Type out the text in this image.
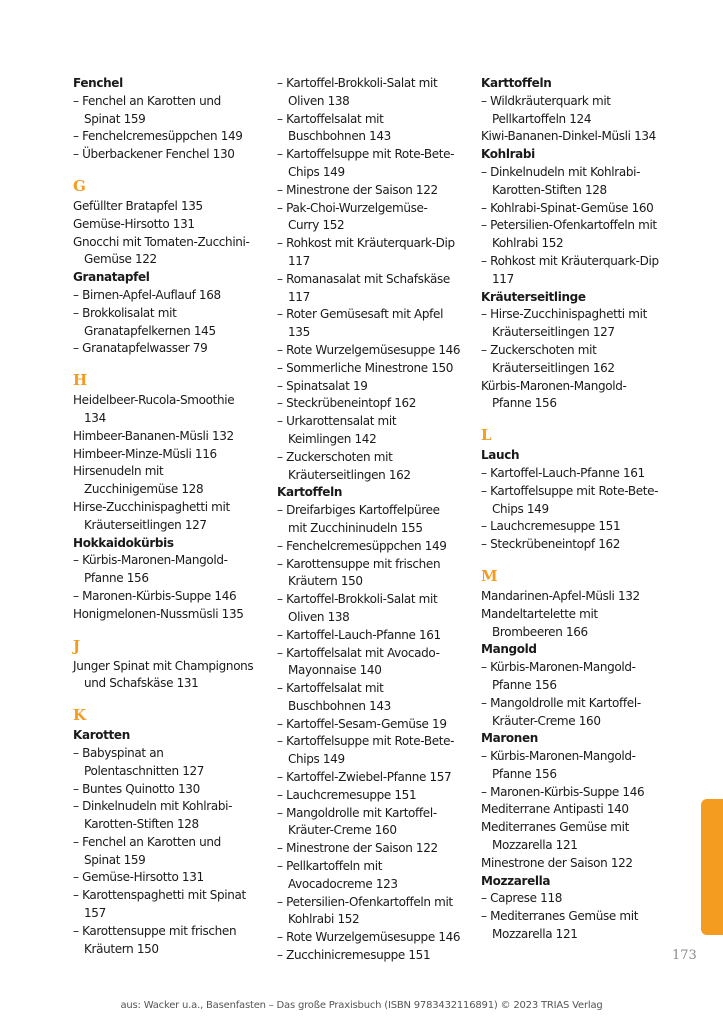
Fenchel
– Fenchel an Karotten und
Spinat 159
– Fenchelcremesüppchen 149
– Überbackener Fenchel 130
G
Gefüllter Bratapfel 135
Gemüse-Hirsotto 131
Gnocchi mit Tomaten-Zucchini-
Gemüse 122
Granatapfel
– Birnen-Apfel-Auflauf 168
– Brokkolisalat mit
Granatapfelkernen 145
– Granatapfelwasser 79
H
Heidelbeer-Rucola-Smoothie
134
Himbeer-Bananen-Müsli 132
Himbeer-Minze-Müsli 116
Hirsenudeln mit
Zucchinigemüse 128
Hirse-Zucchinispaghetti mit
Kräuterseitlingen 127
Hokkaidokürbis
– Kürbis-Maronen-Mangold-
Pfanne 156
– Maronen-Kürbis-Suppe 146
Honigmelonen-Nussmüsli 135
J
Junger Spinat mit Champignons
und Schafskäse 131
K
Karotten
– Babyspinat an
Polentaschnitten 127
– Buntes Quinotto 130
– Dinkelnudeln mit Kohlrabi-
Karotten-Stiften 128
– Fenchel an Karotten und
Spinat 159
– Gemüse-Hirsotto 131
– Karottenspaghetti mit Spinat
157
– Karottensuppe mit frischen
Kräutern 150
– Kartoffel-Brokkoli-Salat mit
Oliven 138
– Kartoffelsalat mit
Buschbohnen 143
– Kartoffelsuppe mit Rote-Bete-
Chips 149
– Minestrone der Saison 122
– Pak-Choi-Wurzelgemüse-
Curry 152
– Rohkost mit Kräuterquark-Dip
117
– Romanasalat mit Schafskäse
117
– Roter Gemüsesaft mit Apfel
135
– Rote Wurzelgemüsesuppe 146
– Sommerliche Minestrone 150
– Spinatsalat 19
– Steckrübeneintopf 162
– Urkarottensalat mit
Keimlingen 142
– Zuckerschoten mit
Kräuterseitlingen 162
Kartoffeln
– Dreifarbiges Kartoffelpüree
mit Zucchininudeln 155
– Fenchelcremesüppchen 149
– Karottensuppe mit frischen
Kräutern 150
– Kartoffel-Brokkoli-Salat mit
Oliven 138
– Kartoffel-Lauch-Pfanne 161
– Kartoffelsalat mit Avocado-
Mayonnaise 140
– Kartoffelsalat mit
Buschbohnen 143
– Kartoffel-Sesam-Gemüse 19
– Kartoffelsuppe mit Rote-Bete-
Chips 149
– Kartoffel-Zwiebel-Pfanne 157
– Lauchcremesuppe 151
– Mangoldrolle mit Kartoffel-
Kräuter-Creme 160
– Minestrone der Saison 122
– Pellkartoffeln mit
Avocadocreme 123
– Petersilien-Ofenkartoffeln mit
Kohlrabi 152
– Rote Wurzelgemüsesuppe 146
– Zucchinicremesuppe 151
Karttoffeln
– Wildkräuterquark mit
Pellkartoffeln 124
Kiwi-Bananen-Dinkel-Müsli 134
Kohlrabi
– Dinkelnudeln mit Kohlrabi-
Karotten-Stiften 128
– Kohlrabi-Spinat-Gemüse 160
– Petersilien-Ofenkartoffeln mit
Kohlrabi 152
– Rohkost mit Kräuterquark-Dip
117
Kräuterseitlinge
– Hirse-Zucchinispaghetti mit
Kräuterseitlingen 127
– Zuckerschoten mit
Kräuterseitlingen 162
Kürbis-Maronen-Mangold-
Pfanne 156
L
Lauch
– Kartoffel-Lauch-Pfanne 161
– Kartoffelsuppe mit Rote-Bete-
Chips 149
– Lauchcremesuppe 151
– Steckrübeneintopf 162
M
Mandarinen-Apfel-Müsli 132
Mandeltartelette mit
Brombeeren 166
Mangold
– Kürbis-Maronen-Mangold-
Pfanne 156
– Mangoldrolle mit Kartoffel-
Kräuter-Creme 160
Maronen
– Kürbis-Maronen-Mangold-
Pfanne 156
– Maronen-Kürbis-Suppe 146
Mediterrane Antipasti 140
Mediterranes Gemüse mit
Mozzarella 121
Minestrone der Saison 122
Mozzarella
– Caprese 118
– Mediterranes Gemüse mit
Mozzarella 121
173
aus: Wacker u.a., Basenfasten – Das große Praxisbuch (ISBN 9783432116891) © 2023 TRIAS Verlag
